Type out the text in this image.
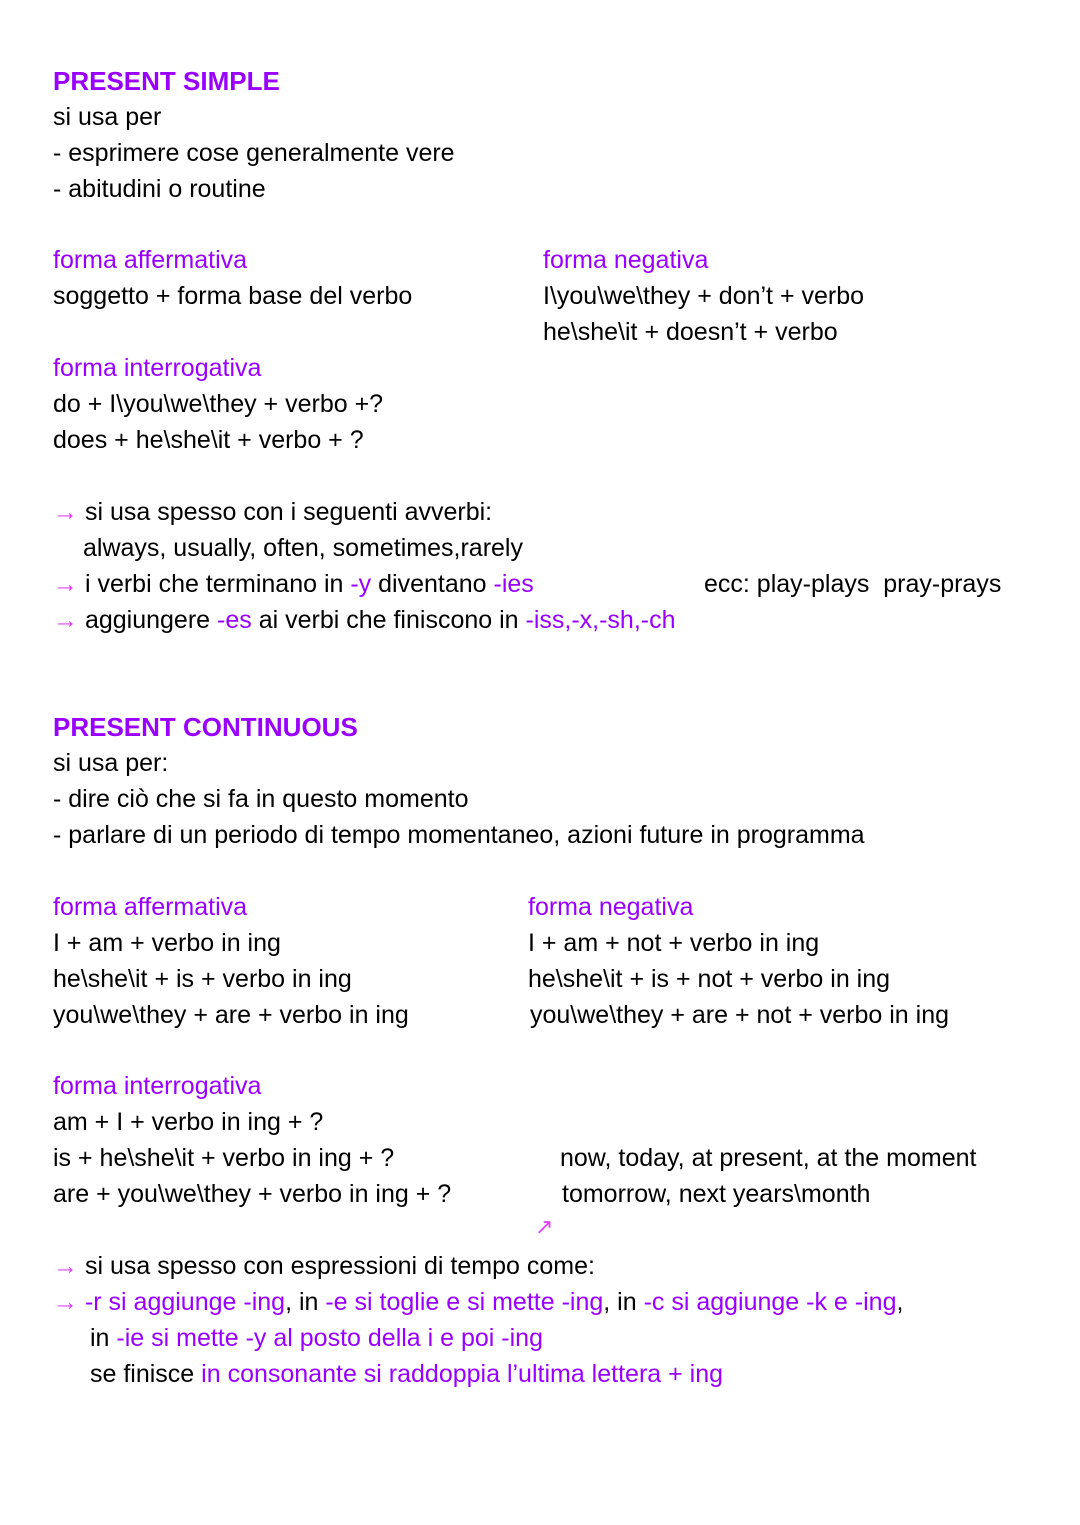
PRESENT SIMPLE
si usa per
- esprimere cose generalmente vere
- abitudini o routine
forma affermativa
soggetto + forma base del verbo
forma negativa
I\you\we\they + don’t + verbo
he\she\it + doesn’t + verbo
forma interrogativa
do + I\you\we\they + verbo +?
does + he\she\it + verbo + ?
→ si usa spesso con i seguenti avverbi:
always, usually, often, sometimes,rarely
→ i verbi che terminano in -y diventano -ies	ecc: play-plays  pray-prays
→ aggiungere -es ai verbi che finiscono in -iss,-x,-sh,-ch
PRESENT CONTINUOUS
si usa per:
- dire ciò che si fa in questo momento
- parlare di un periodo di tempo momentaneo, azioni future in programma
forma affermativa
I + am + verbo in ing
he\she\it + is + verbo in ing
you\we\they + are + verbo in ing
forma negativa
I + am + not + verbo in ing
he\she\it + is + not + verbo in ing
you\we\they + are + not + verbo in ing
forma interrogativa
am + I + verbo in ing + ?
is + he\she\it + verbo in ing + ?
are + you\we\they + verbo in ing + ?
now, today, at present, at the moment
tomorrow, next years\month
↗
→ si usa spesso con espressioni di tempo come:
→ -r si aggiunge -ing, in -e si toglie e si mette -ing, in -c si aggiunge -k e -ing,
in -ie si mette -y al posto della i e poi -ing
se finisce in consonante si raddoppia l’ultima lettera + ing
